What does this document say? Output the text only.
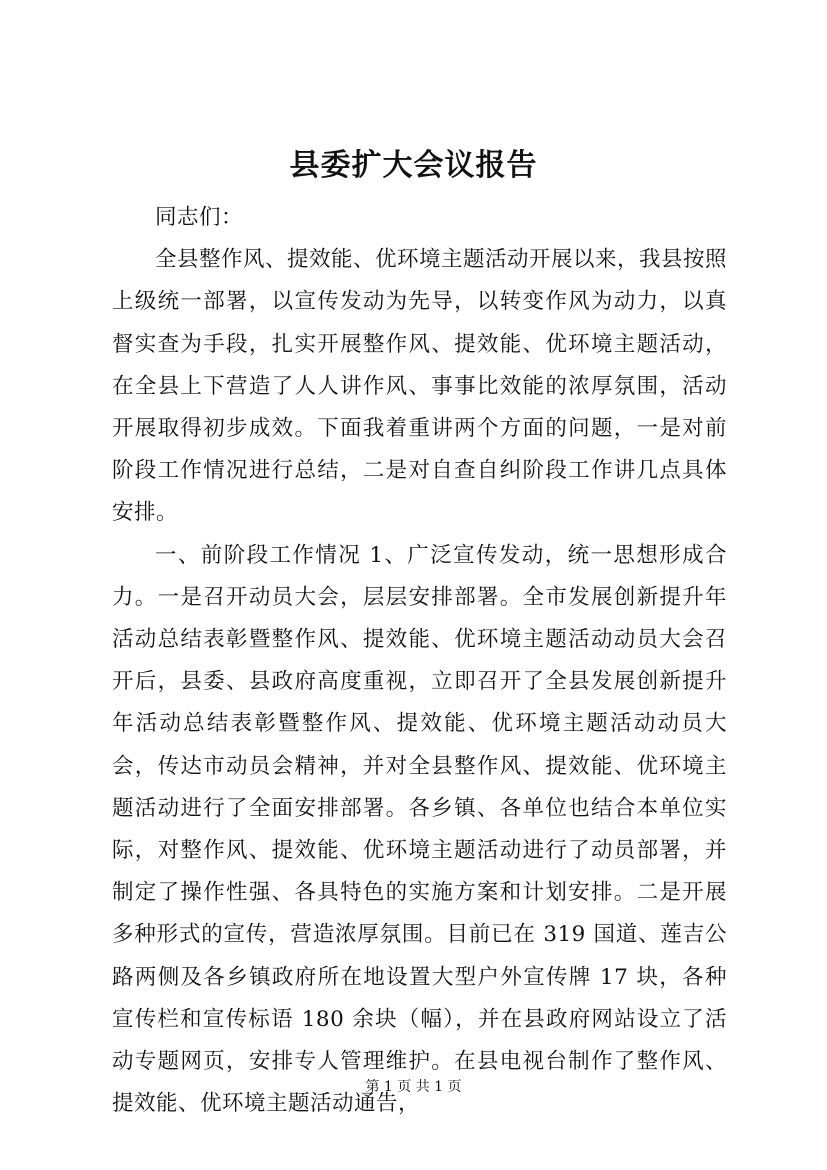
县委扩大会议报告

同志们：

全县整作风、提效能、优环境主题活动开展以来，我县按照上级统一部署，以宣传发动为先导，以转变作风为动力，以真督实查为手段，扎实开展整作风、提效能、优环境主题活动，在全县上下营造了人人讲作风、事事比效能的浓厚氛围，活动开展取得初步成效。下面我着重讲两个方面的问题，一是对前阶段工作情况进行总结，二是对自查自纠阶段工作讲几点具体安排。

一、前阶段工作情况 1、广泛宣传发动，统一思想形成合力。一是召开动员大会，层层安排部署。全市发展创新提升年活动总结表彰暨整作风、提效能、优环境主题活动动员大会召开后，县委、县政府高度重视，立即召开了全县发展创新提升年活动总结表彰暨整作风、提效能、优环境主题活动动员大会，传达市动员会精神，并对全县整作风、提效能、优环境主题活动进行了全面安排部署。各乡镇、各单位也结合本单位实际，对整作风、提效能、优环境主题活动进行了动员部署，并制定了操作性强、各具特色的实施方案和计划安排。二是开展多种形式的宣传，营造浓厚氛围。目前已在 319 国道、莲吉公路两侧及各乡镇政府所在地设置大型户外宣传牌 17 块，各种宣传栏和宣传标语 180 余块（幅），并在县政府网站设立了活动专题网页，安排专人管理维护。在县电视台制作了整作风、提效能、优环境主题活动通告，

第 1 页 共 1 页
